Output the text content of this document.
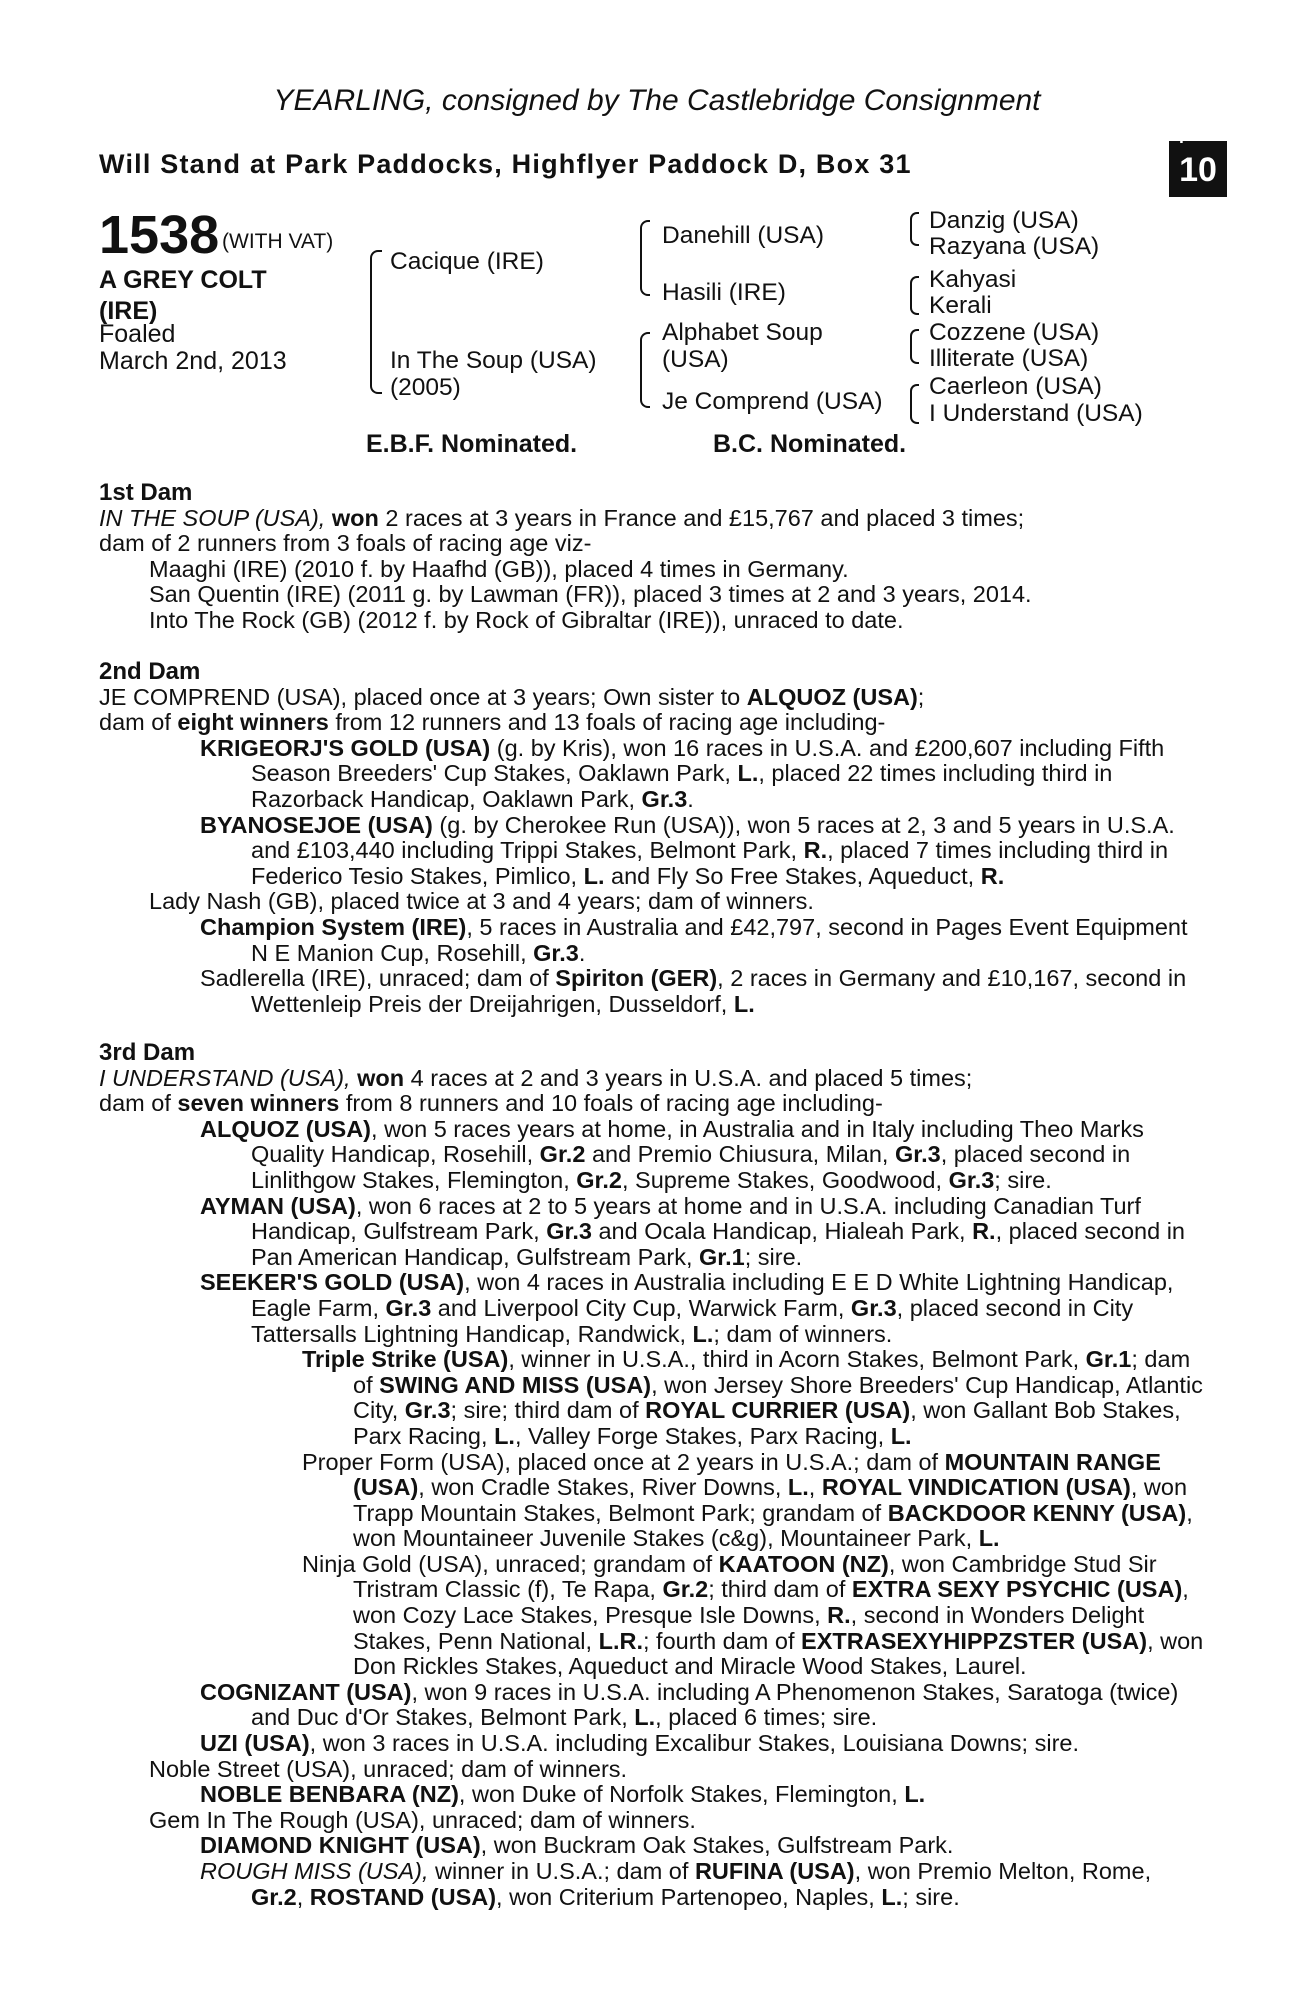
YEARLING, consigned by The Castlebridge Consignment
Will Stand at Park Paddocks, Highflyer Paddock D, Box 31
+
10
1538 (WITH VAT)
A GREY COLT
(IRE)
Foaled
March 2nd, 2013
Cacique (IRE)
In The Soup (USA)
(2005)
Danehill (USA)
Hasili (IRE)
Alphabet Soup
(USA)
Je Comprend (USA)
Danzig (USA)
Razyana (USA)
Kahyasi
Kerali
Cozzene (USA)
Illiterate (USA)
Caerleon (USA)
I Understand (USA)
E.B.F. Nominated.	B.C. Nominated.
1st Dam
IN THE SOUP (USA), won 2 races at 3 years in France and £15,767 and placed 3 times;
dam of 2 runners from 3 foals of racing age viz-
Maaghi (IRE) (2010 f. by Haafhd (GB)), placed 4 times in Germany.
San Quentin (IRE) (2011 g. by Lawman (FR)), placed 3 times at 2 and 3 years, 2014.
Into The Rock (GB) (2012 f. by Rock of Gibraltar (IRE)), unraced to date.
2nd Dam
JE COMPREND (USA), placed once at 3 years; Own sister to ALQUOZ (USA);
dam of eight winners from 12 runners and 13 foals of racing age including-
KRIGEORJ'S GOLD (USA) (g. by Kris), won 16 races in U.S.A. and £200,607 including Fifth Season Breeders' Cup Stakes, Oaklawn Park, L., placed 22 times including third in Razorback Handicap, Oaklawn Park, Gr.3.
BYANOSEJOE (USA) (g. by Cherokee Run (USA)), won 5 races at 2, 3 and 5 years in U.S.A. and £103,440 including Trippi Stakes, Belmont Park, R., placed 7 times including third in Federico Tesio Stakes, Pimlico, L. and Fly So Free Stakes, Aqueduct, R.
Lady Nash (GB), placed twice at 3 and 4 years; dam of winners.
Champion System (IRE), 5 races in Australia and £42,797, second in Pages Event Equipment N E Manion Cup, Rosehill, Gr.3.
Sadlerella (IRE), unraced; dam of Spiriton (GER), 2 races in Germany and £10,167, second in Wettenleip Preis der Dreijahrigen, Dusseldorf, L.
3rd Dam
I UNDERSTAND (USA), won 4 races at 2 and 3 years in U.S.A. and placed 5 times;
dam of seven winners from 8 runners and 10 foals of racing age including-
ALQUOZ (USA), won 5 races years at home, in Australia and in Italy including Theo Marks Quality Handicap, Rosehill, Gr.2 and Premio Chiusura, Milan, Gr.3, placed second in Linlithgow Stakes, Flemington, Gr.2, Supreme Stakes, Goodwood, Gr.3; sire.
AYMAN (USA), won 6 races at 2 to 5 years at home and in U.S.A. including Canadian Turf Handicap, Gulfstream Park, Gr.3 and Ocala Handicap, Hialeah Park, R., placed second in Pan American Handicap, Gulfstream Park, Gr.1; sire.
SEEKER'S GOLD (USA), won 4 races in Australia including E E D White Lightning Handicap, Eagle Farm, Gr.3 and Liverpool City Cup, Warwick Farm, Gr.3, placed second in City Tattersalls Lightning Handicap, Randwick, L.; dam of winners.
Triple Strike (USA), winner in U.S.A., third in Acorn Stakes, Belmont Park, Gr.1; dam of SWING AND MISS (USA), won Jersey Shore Breeders' Cup Handicap, Atlantic City, Gr.3; sire; third dam of ROYAL CURRIER (USA), won Gallant Bob Stakes, Parx Racing, L., Valley Forge Stakes, Parx Racing, L.
Proper Form (USA), placed once at 2 years in U.S.A.; dam of MOUNTAIN RANGE (USA), won Cradle Stakes, River Downs, L., ROYAL VINDICATION (USA), won Trapp Mountain Stakes, Belmont Park; grandam of BACKDOOR KENNY (USA), won Mountaineer Juvenile Stakes (c&g), Mountaineer Park, L.
Ninja Gold (USA), unraced; grandam of KAATOON (NZ), won Cambridge Stud Sir Tristram Classic (f), Te Rapa, Gr.2; third dam of EXTRA SEXY PSYCHIC (USA), won Cozy Lace Stakes, Presque Isle Downs, R., second in Wonders Delight Stakes, Penn National, L.R.; fourth dam of EXTRASEXYHIPPZSTER (USA), won Don Rickles Stakes, Aqueduct and Miracle Wood Stakes, Laurel.
COGNIZANT (USA), won 9 races in U.S.A. including A Phenomenon Stakes, Saratoga (twice) and Duc d'Or Stakes, Belmont Park, L., placed 6 times; sire.
UZI (USA), won 3 races in U.S.A. including Excalibur Stakes, Louisiana Downs; sire.
Noble Street (USA), unraced; dam of winners.
NOBLE BENBARA (NZ), won Duke of Norfolk Stakes, Flemington, L.
Gem In The Rough (USA), unraced; dam of winners.
DIAMOND KNIGHT (USA), won Buckram Oak Stakes, Gulfstream Park.
ROUGH MISS (USA), winner in U.S.A.; dam of RUFINA (USA), won Premio Melton, Rome, Gr.2, ROSTAND (USA), won Criterium Partenopeo, Naples, L.; sire.
